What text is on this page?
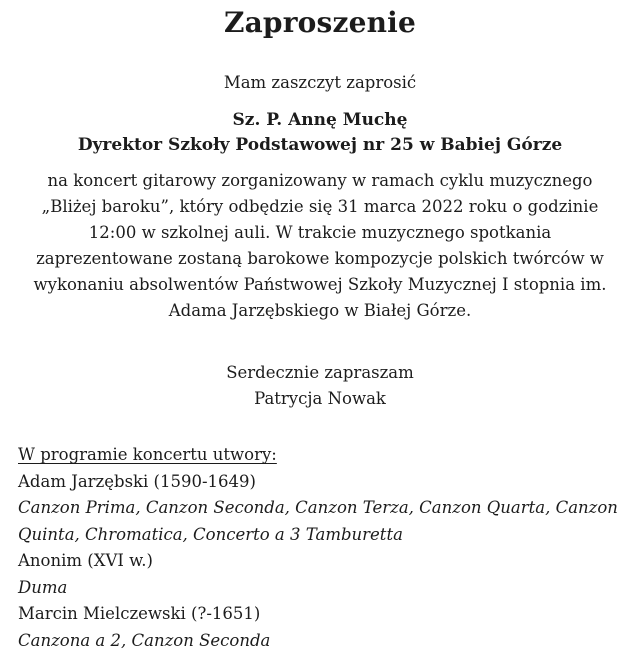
Zaproszenie

Mam zaszczyt zaprosić

Sz. P. Annę Muchę
Dyrektor Szkoły Podstawowej nr 25 w Babiej Górze

na koncert gitarowy zorganizowany w ramach cyklu muzycznego „Bliżej baroku”, który odbędzie się 31 marca 2022 roku o godzinie 12:00 w szkolnej auli. W trakcie muzycznego spotkania zaprezentowane zostaną barokowe kompozycje polskich twórców w wykonaniu absolwentów Państwowej Szkoły Muzycznej I stopnia im. Adama Jarzębskiego w Białej Górze.

Serdecznie zapraszam
Patrycja Nowak
W programie koncertu utwory:
Adam Jarzębski (1590-1649)
Canzon Prima, Canzon Seconda, Canzon Terza, Canzon Quarta, Canzon Quinta, Chromatica, Concerto a 3 Tamburetta
Anonim (XVI w.)
Duma
Marcin Mielczewski (?-1651)
Canzona a 2, Canzon Seconda
